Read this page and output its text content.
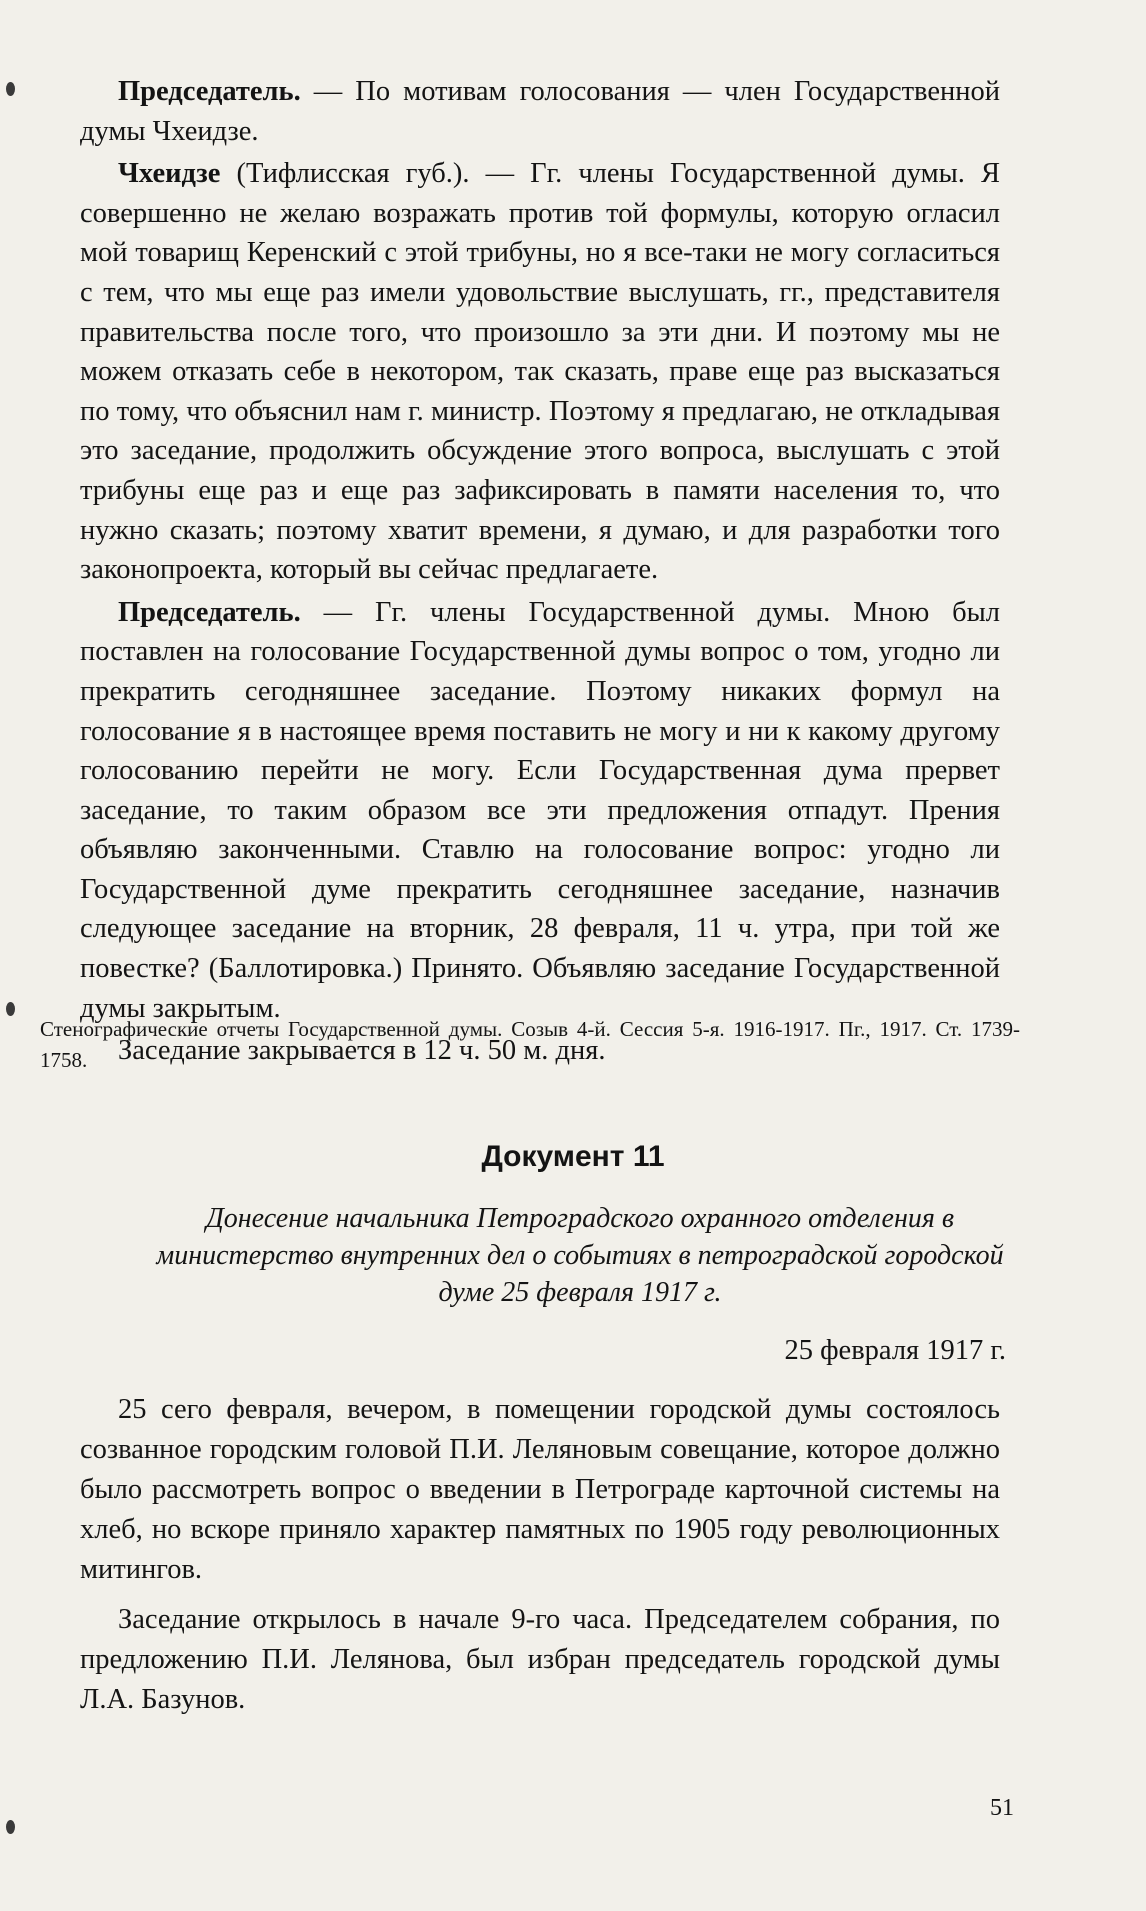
Председатель. — По мотивам голосования — член Государственной думы Чхеидзе.

Чхеидзе (Тифлисская губ.). — Гг. члены Государственной думы. Я совершенно не желаю возражать против той формулы, которую огласил мой товарищ Керенский с этой трибуны, но я все-таки не могу согласиться с тем, что мы еще раз имели удовольствие выслушать, гг., представителя правительства после того, что произошло за эти дни. И поэтому мы не можем отказать себе в некотором, так сказать, праве еще раз высказаться по тому, что объяснил нам г. министр. Поэтому я предлагаю, не откладывая это заседание, продолжить обсуждение этого вопроса, выслушать с этой трибуны еще раз и еще раз зафиксировать в памяти населения то, что нужно сказать; поэтому хватит времени, я думаю, и для разработки того законопроекта, который вы сейчас предлагаете.

Председатель. — Гг. члены Государственной думы. Мною был поставлен на голосование Государственной думы вопрос о том, угодно ли прекратить сегодняшнее заседание. Поэтому никаких формул на голосование я в настоящее время поставить не могу и ни к какому другому голосованию перейти не могу. Если Государственная дума прервет заседание, то таким образом все эти предложения отпадут. Прения объявляю законченными. Ставлю на голосование вопрос: угодно ли Государственной думе прекратить сегодняшнее заседание, назначив следующее заседание на вторник, 28 февраля, 11 ч. утра, при той же повестке? (Баллотировка.) Принято. Объявляю заседание Государственной думы закрытым.

Заседание закрывается в 12 ч. 50 м. дня.

Стенографические отчеты Государственной думы. Созыв 4-й. Сессия 5-я. 1916-1917. Пг., 1917. Ст. 1739-1758.
Документ 11
Донесение начальника Петроградского охранного отделения в министерство внутренних дел о событиях в петроградской городской думе 25 февраля 1917 г.
25 февраля 1917 г.

25 сего февраля, вечером, в помещении городской думы состоялось созванное городским головой П.И. Леляновым совещание, которое должно было рассмотреть вопрос о введении в Петрограде карточной системы на хлеб, но вскоре приняло характер памятных по 1905 году революционных митингов.

Заседание открылось в начале 9-го часа. Председателем собрания, по предложению П.И. Лелянова, был избран председатель городской думы Л.А. Базунов.

51
